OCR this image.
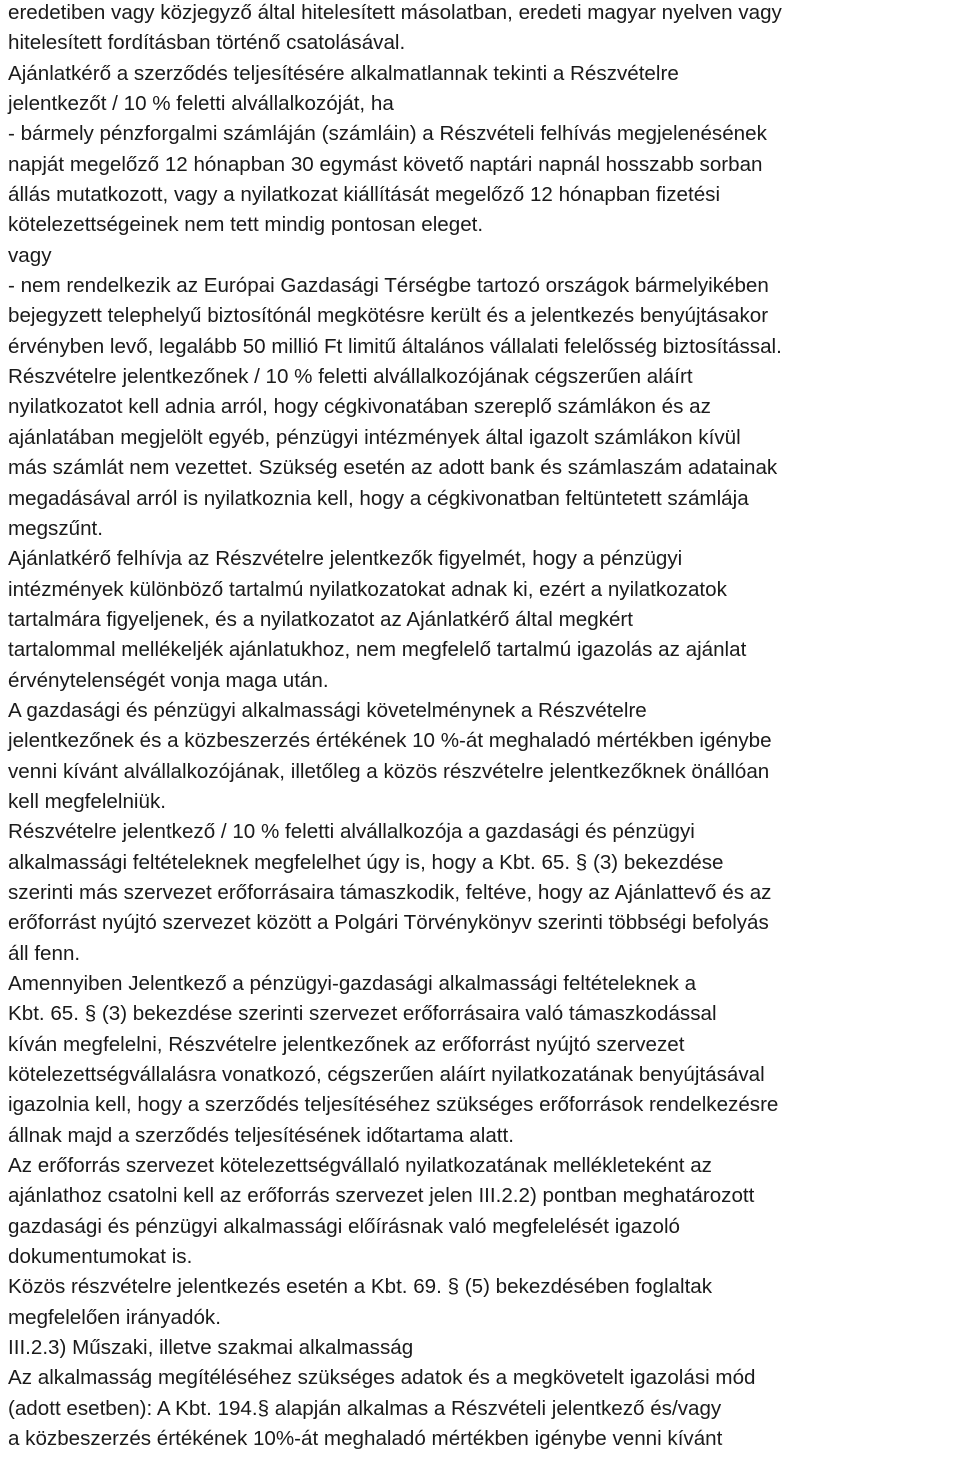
eredetiben vagy közjegyző által hitelesített másolatban, eredeti magyar nyelven vagy
hitelesített fordításban történő csatolásával.
Ajánlatkérő a szerződés teljesítésére alkalmatlannak tekinti a Részvételre
jelentkezőt / 10 % feletti alvállalkozóját, ha
- bármely pénzforgalmi számláján (számláin) a Részvételi felhívás megjelenésének
napját megelőző 12 hónapban 30 egymást követő naptári napnál hosszabb sorban
állás mutatkozott, vagy a nyilatkozat kiállítását megelőző 12 hónapban fizetési
kötelezettségeinek nem tett mindig pontosan eleget.
vagy
- nem rendelkezik az Európai Gazdasági Térségbe tartozó országok bármelyikében
bejegyzett telephelyű biztosítónál megkötésre került és a jelentkezés benyújtásakor
érvényben levő, legalább 50 millió Ft limitű általános vállalati felelősség biztosítással.
Részvételre jelentkezőnek / 10 % feletti alvállalkozójának cégszerűen aláírt
nyilatkozatot kell adnia arról, hogy cégkivonatában szereplő számlákon és az
ajánlatában megjelölt egyéb, pénzügyi intézmények által igazolt számlákon kívül
más számlát nem vezettet. Szükség esetén az adott bank és számlaszám adatainak
megadásával arról is nyilatkoznia kell, hogy a cégkivonatban feltüntetett számlája
megszűnt.
Ajánlatkérő felhívja az Részvételre jelentkezők figyelmét, hogy a pénzügyi
intézmények különböző tartalmú nyilatkozatokat adnak ki, ezért a nyilatkozatok
tartalmára figyeljenek, és a nyilatkozatot az Ajánlatkérő által megkért
tartalommal mellékeljék ajánlatukhoz, nem megfelelő tartalmú igazolás az ajánlat
érvénytelenségét vonja maga után.
A gazdasági és pénzügyi alkalmassági követelménynek a Részvételre
jelentkezőnek és a közbeszerzés értékének 10 %-át meghaladó mértékben igénybe
venni kívánt alvállalkozójának, illetőleg a közös részvételre jelentkezőknek önállóan
kell megfelelniük.
Részvételre jelentkező / 10 % feletti alvállalkozója a gazdasági és pénzügyi
alkalmassági feltételeknek megfelelhet úgy is, hogy a Kbt. 65. § (3) bekezdése
szerinti más szervezet erőforrásaira támaszkodik, feltéve, hogy az Ajánlattevő és az
erőforrást nyújtó szervezet között a Polgári Törvénykönyv szerinti többségi befolyás
áll fenn.
Amennyiben Jelentkező a pénzügyi-gazdasági alkalmassági feltételeknek a
Kbt. 65. § (3) bekezdése szerinti szervezet erőforrásaira való támaszkodással
kíván megfelelni, Részvételre jelentkezőnek az erőforrást nyújtó szervezet
kötelezettségvállalásra vonatkozó, cégszerűen aláírt nyilatkozatának benyújtásával
igazolnia kell, hogy a szerződés teljesítéséhez szükséges erőforrások rendelkezésre
állnak majd a szerződés teljesítésének időtartama alatt.
Az erőforrás szervezet kötelezettségvállaló nyilatkozatának mellékleteként az
ajánlathoz csatolni kell az erőforrás szervezet jelen III.2.2) pontban meghatározott
gazdasági és pénzügyi alkalmassági előírásnak való megfelelését igazoló
dokumentumokat is.
Közös részvételre jelentkezés esetén a Kbt. 69. § (5) bekezdésében foglaltak
megfelelően irányadók.
III.2.3) Műszaki, illetve szakmai alkalmasság
Az alkalmasság megítéléséhez szükséges adatok és a megkövetelt igazolási mód
(adott esetben): A Kbt. 194.§ alapján alkalmas a Részvételi jelentkező és/vagy
a közbeszerzés értékének 10%-át meghaladó mértékben igénybe venni kívánt
